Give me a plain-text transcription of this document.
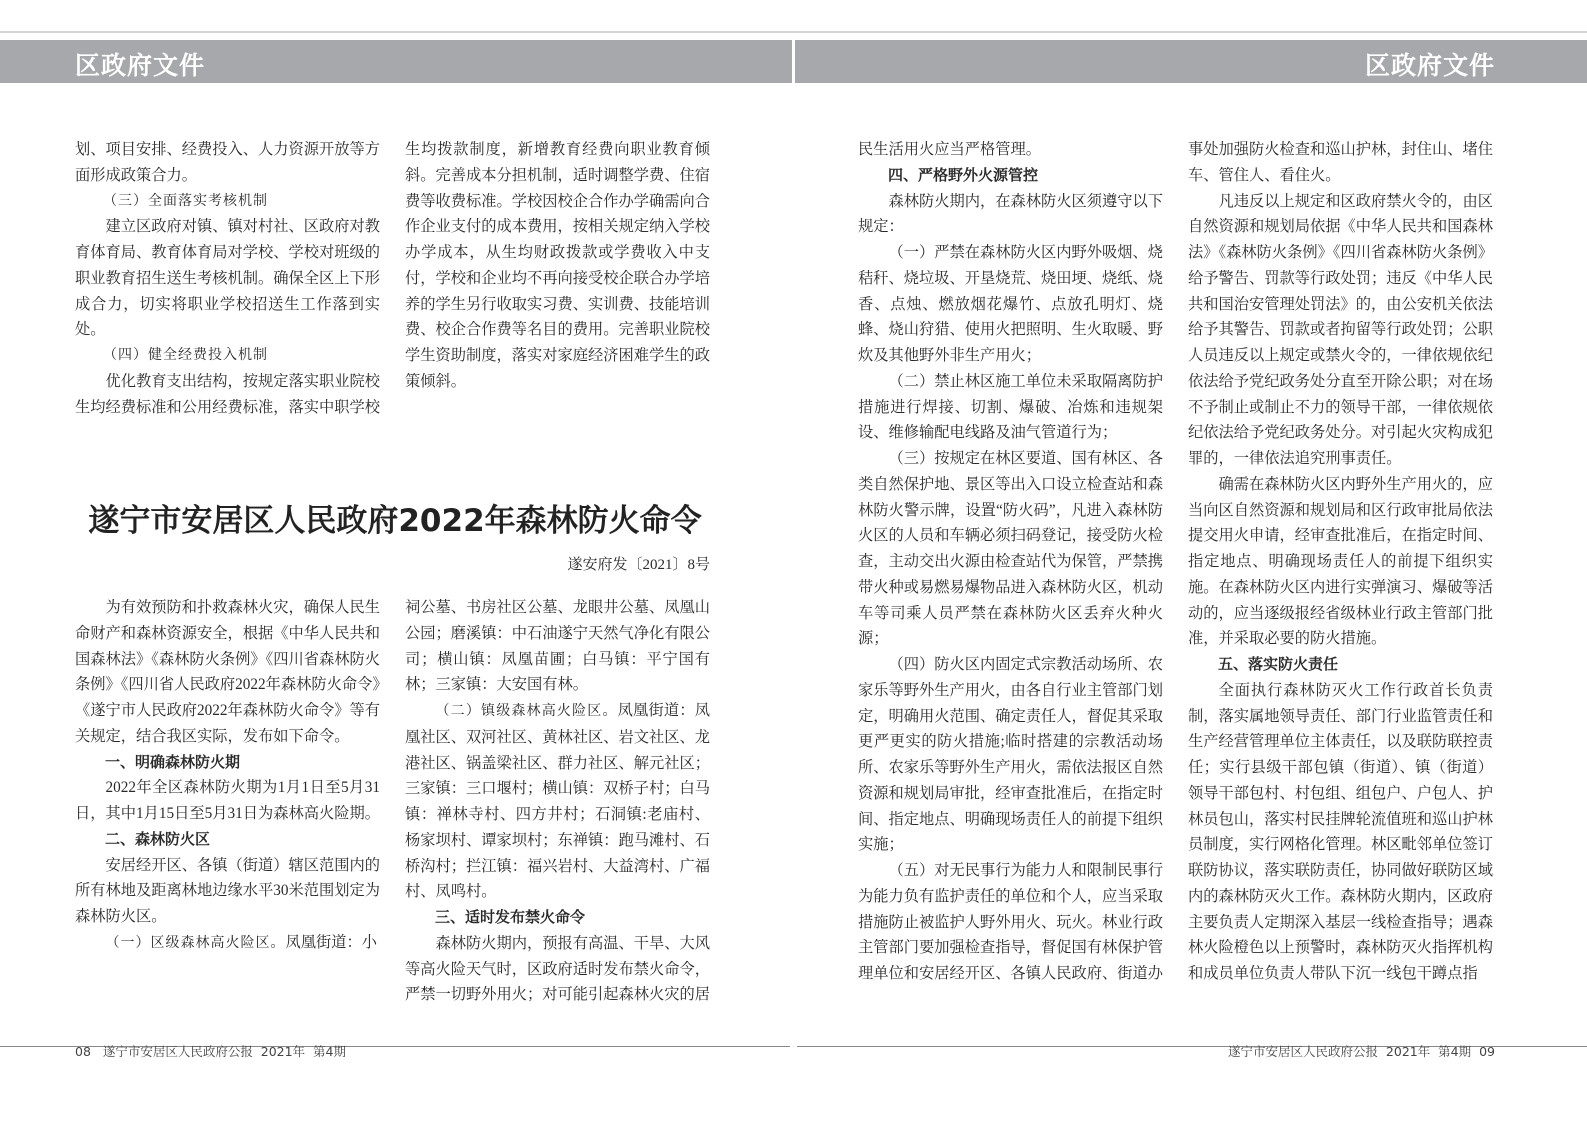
区政府文件	区政府文件

划、项目安排、经费投入、人力资源开放等方面形成政策合力。

（三）全面落实考核机制

建立区政府对镇、镇对村社、区政府对教育体育局、教育体育局对学校、学校对班级的职业教育招生送生考核机制。确保全区上下形成合力，切实将职业学校招送生工作落到实处。

（四）健全经费投入机制

优化教育支出结构，按规定落实职业院校生均经费标准和公用经费标准，落实中职学校

生均拨款制度，新增教育经费向职业教育倾斜。完善成本分担机制，适时调整学费、住宿费等收费标准。学校因校企合作办学确需向合作企业支付的成本费用，按相关规定纳入学校办学成本，从生均财政拨款或学费收入中支付，学校和企业均不再向接受校企联合办学培养的学生另行收取实习费、实训费、技能培训费、校企合作费等名目的费用。完善职业院校学生资助制度，落实对家庭经济困难学生的政策倾斜。

遂宁市安居区人民政府2022年森林防火命令
遂安府发〔2021〕8号

为有效预防和扑救森林火灾，确保人民生命财产和森林资源安全，根据《中华人民共和国森林法》《森林防火条例》《四川省森林防火条例》《四川省人民政府2022年森林防火命令》《遂宁市人民政府2022年森林防火命令》等有关规定，结合我区实际，发布如下命令。

一、明确森林防火期

2022年全区森林防火期为1月1日至5月31日，其中1月15日至5月31日为森林高火险期。

二、森林防火区

安居经开区、各镇（街道）辖区范围内的所有林地及距离林地边缘水平30米范围划定为森林防火区。

（一）区级森林高火险区。凤凰街道：小

祠公墓、书房社区公墓、龙眼井公墓、凤凰山公园；磨溪镇：中石油遂宁天然气净化有限公司；横山镇：凤凰苗圃；白马镇：平宁国有林；三家镇：大安国有林。

（二）镇级森林高火险区。凤凰街道：凤凰社区、双河社区、黄林社区、岩文社区、龙港社区、锅盖梁社区、群力社区、解元社区；三家镇：三口堰村；横山镇：双桥子村；白马镇：禅林寺村、四方井村；石洞镇:老庙村、杨家坝村、谭家坝村；东禅镇：跑马滩村、石桥沟村；拦江镇：福兴岩村、大益湾村、广福村、凤鸣村。

三、适时发布禁火命令

森林防火期内，预报有高温、干旱、大风等高火险天气时，区政府适时发布禁火命令，严禁一切野外用火；对可能引起森林火灾的居

民生活用火应当严格管理。

四、严格野外火源管控

森林防火期内，在森林防火区须遵守以下规定：

（一）严禁在森林防火区内野外吸烟、烧秸秆、烧垃圾、开垦烧荒、烧田埂、烧纸、烧香、点烛、燃放烟花爆竹、点放孔明灯、烧蜂、烧山狩猎、使用火把照明、生火取暖、野炊及其他野外非生产用火；

（二）禁止林区施工单位未采取隔离防护措施进行焊接、切割、爆破、冶炼和违规架设、维修输配电线路及油气管道行为；

（三）按规定在林区要道、国有林区、各类自然保护地、景区等出入口设立检查站和森林防火警示牌，设置“防火码”，凡进入森林防火区的人员和车辆必须扫码登记，接受防火检查，主动交出火源由检查站代为保管，严禁携带火种或易燃易爆物品进入森林防火区，机动车等司乘人员严禁在森林防火区丢弃火种火源；

（四）防火区内固定式宗教活动场所、农家乐等野外生产用火，由各自行业主管部门划定，明确用火范围、确定责任人，督促其采取更严更实的防火措施;临时搭建的宗教活动场所、农家乐等野外生产用火，需依法报区自然资源和规划局审批，经审查批准后，在指定时间、指定地点、明确现场责任人的前提下组织实施；

（五）对无民事行为能力人和限制民事行为能力负有监护责任的单位和个人，应当采取措施防止被监护人野外用火、玩火。林业行政主管部门要加强检查指导，督促国有林保护管理单位和安居经开区、各镇人民政府、街道办

事处加强防火检查和巡山护林，封住山、堵住车、管住人、看住火。

凡违反以上规定和区政府禁火令的，由区自然资源和规划局依据《中华人民共和国森林法》《森林防火条例》《四川省森林防火条例》给予警告、罚款等行政处罚；违反《中华人民共和国治安管理处罚法》的，由公安机关依法给予其警告、罚款或者拘留等行政处罚；公职人员违反以上规定或禁火令的，一律依规依纪依法给予党纪政务处分直至开除公职；对在场不予制止或制止不力的领导干部，一律依规依纪依法给予党纪政务处分。对引起火灾构成犯罪的，一律依法追究刑事责任。

确需在森林防火区内野外生产用火的，应当向区自然资源和规划局和区行政审批局依法提交用火申请，经审查批准后，在指定时间、指定地点、明确现场责任人的前提下组织实施。在森林防火区内进行实弹演习、爆破等活动的，应当逐级报经省级林业行政主管部门批准，并采取必要的防火措施。

五、落实防火责任

全面执行森林防灭火工作行政首长负责制，落实属地领导责任、部门行业监管责任和生产经营管理单位主体责任，以及联防联控责任；实行县级干部包镇（街道）、镇（街道）领导干部包村、村包组、组包户、户包人、护林员包山，落实村民挂牌轮流值班和巡山护林员制度，实行网格化管理。林区毗邻单位签订联防协议，落实联防责任，协同做好联防区域内的森林防灭火工作。森林防火期内，区政府主要负责人定期深入基层一线检查指导；遇森林火险橙色以上预警时，森林防灭火指挥机构和成员单位负责人带队下沉一线包干蹲点指

08 遂宁市安居区人民政府公报  2021年  第4期	遂宁市安居区人民政府公报  2021年  第4期 09
